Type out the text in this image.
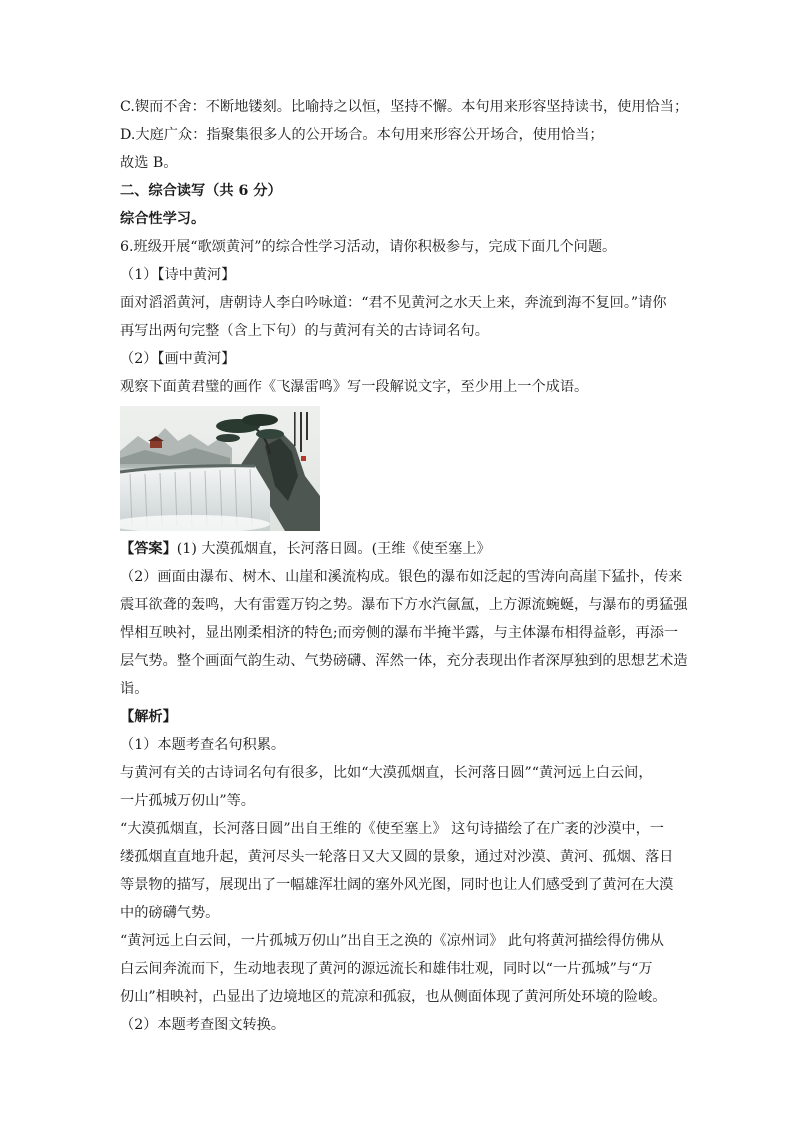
C.锲而不舍：不断地镂刻。比喻持之以恒，坚持不懈。本句用来形容坚持读书，使用恰当；

D.大庭广众：指聚集很多人的公开场合。本句用来形容公开场合，使用恰当；

故选 B。

二、综合读写（共 6 分）

综合性学习。

6.班级开展“歌颂黄河”的综合性学习活动，请你积极参与，完成下面几个问题。

（1）【诗中黄河】

面对滔滔黄河，唐朝诗人李白吟咏道：“君不见黄河之水天上来，奔流到海不复回。”请你

再写出两句完整（含上下句）的与黄河有关的古诗词名句。

（2）【画中黄河】

观察下面黄君璧的画作《飞瀑雷鸣》写一段解说文字，至少用上一个成语。

【答案】(1) 大漠孤烟直，长河落日圆。(王维《使至塞上》

（2）画面由瀑布、树木、山崖和溪流构成。银色的瀑布如泛起的雪涛向高崖下猛扑，传来

震耳欲聋的轰鸣，大有雷霆万钧之势。瀑布下方水汽氤氲，上方源流蜿蜒，与瀑布的勇猛强

悍相互映衬，显出刚柔相济的特色;而旁侧的瀑布半掩半露，与主体瀑布相得益彰，再添一

层气势。整个画面气韵生动、气势磅礴、浑然一体，充分表现出作者深厚独到的思想艺术造

诣。

【解析】

（1）本题考查名句积累。

与黄河有关的古诗词名句有很多，比如“大漠孤烟直，长河落日圆”“黄河远上白云间，

一片孤城万仞山”等。

“大漠孤烟直，长河落日圆”出自王维的《使至塞上》 这句诗描绘了在广袤的沙漠中，一

缕孤烟直直地升起，黄河尽头一轮落日又大又圆的景象，通过对沙漠、黄河、孤烟、落日

等景物的描写，展现出了一幅雄浑壮阔的塞外风光图，同时也让人们感受到了黄河在大漠

中的磅礴气势。

“黄河远上白云间，一片孤城万仞山”出自王之涣的《凉州词》 此句将黄河描绘得仿佛从

白云间奔流而下，生动地表现了黄河的源远流长和雄伟壮观，同时以“一片孤城”与“万

仞山”相映衬，凸显出了边境地区的荒凉和孤寂，也从侧面体现了黄河所处环境的险峻。

（2）本题考查图文转换。
